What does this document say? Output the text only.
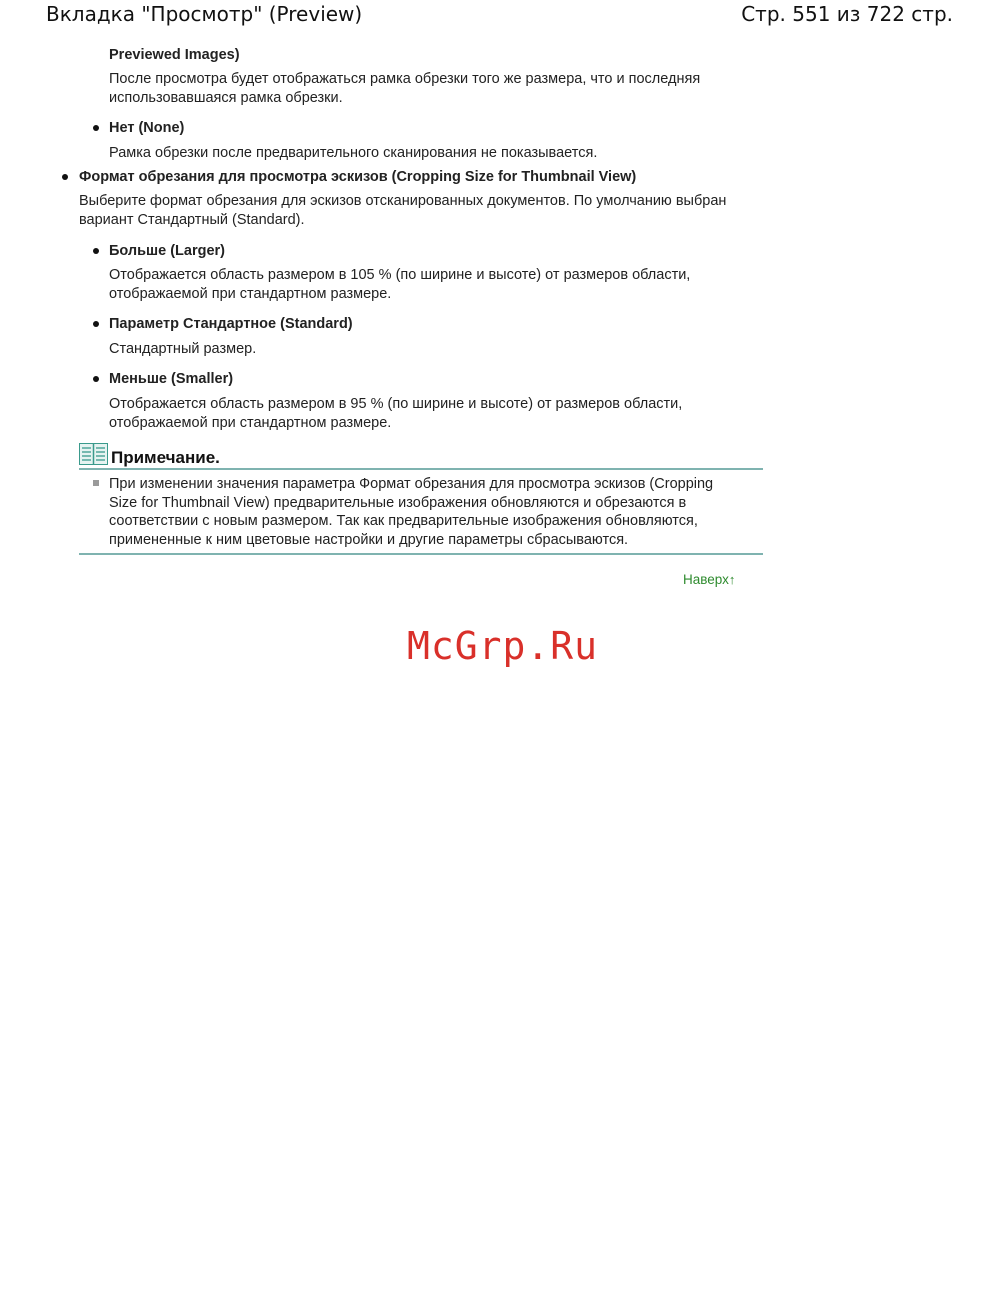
Вкладка "Просмотр" (Preview)	Стр. 551 из 722 стр.
Previewed Images)
После просмотра будет отображаться рамка обрезки того же размера, что и последняя
использовавшаяся рамка обрезки.
Нет (None)
Рамка обрезки после предварительного сканирования не показывается.
Формат обрезания для просмотра эскизов (Cropping Size for Thumbnail View)
Выберите формат обрезания для эскизов отсканированных документов. По умолчанию выбран
вариант Стандартный (Standard).
Больше (Larger)
Отображается область размером в 105 % (по ширине и высоте) от размеров области,
отображаемой при стандартном размере.
Параметр Стандартное (Standard)
Стандартный размер.
Меньше (Smaller)
Отображается область размером в 95 % (по ширине и высоте) от размеров области,
отображаемой при стандартном размере.
Примечание.
При изменении значения параметра Формат обрезания для просмотра эскизов (Cropping
Size for Thumbnail View) предварительные изображения обновляются и обрезаются в
соответствии с новым размером. Так как предварительные изображения обновляются,
примененные к ним цветовые настройки и другие параметры сбрасываются.
Наверх↑
McGrp.Ru
